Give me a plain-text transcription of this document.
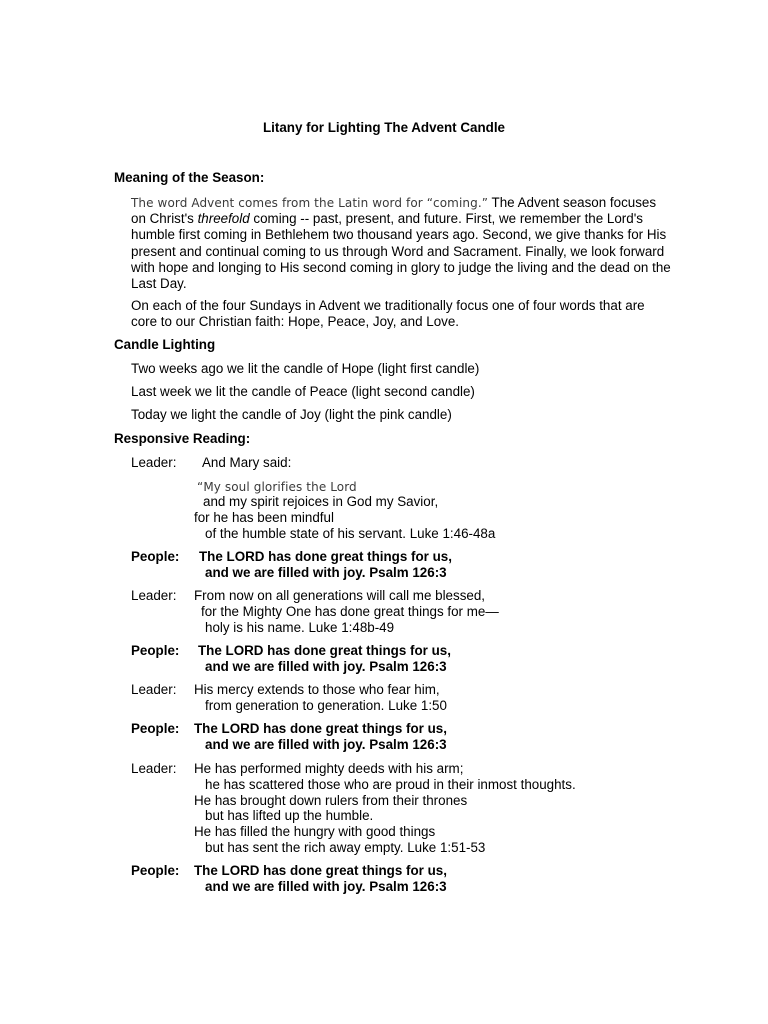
Litany for Lighting The Advent Candle
Meaning of the Season:

The word Advent comes from the Latin word for “coming.” The Advent season focuses on Christ's threefold coming -- past, present, and future. First, we remember the Lord's humble first coming in Bethlehem two thousand years ago. Second, we give thanks for His present and continual coming to us through Word and Sacrament. Finally, we look forward with hope and longing to His second coming in glory to judge the living and the dead on the Last Day.

On each of the four Sundays in Advent we traditionally focus one of four words that are core to our Christian faith: Hope, Peace, Joy, and Love.

Candle Lighting
Two weeks ago we lit the candle of Hope (light first candle)
Last week we lit the candle of Peace (light second candle)
Today we light the candle of Joy (light the pink candle)
Responsive Reading:
Leader: And Mary said:
“My soul glorifies the Lord
and my spirit rejoices in God my Savior,
for he has been mindful
of the humble state of his servant. Luke 1:46-48a
People: The LORD has done great things for us,
and we are filled with joy. Psalm 126:3
Leader: From now on all generations will call me blessed,
for the Mighty One has done great things for me—
holy is his name. Luke 1:48b-49
People: The LORD has done great things for us,
and we are filled with joy. Psalm 126:3
Leader: His mercy extends to those who fear him,
from generation to generation. Luke 1:50
People: The LORD has done great things for us,
and we are filled with joy. Psalm 126:3
Leader: He has performed mighty deeds with his arm;
he has scattered those who are proud in their inmost thoughts.
He has brought down rulers from their thrones
but has lifted up the humble.
He has filled the hungry with good things
but has sent the rich away empty. Luke 1:51-53
People: The LORD has done great things for us,
and we are filled with joy. Psalm 126:3
